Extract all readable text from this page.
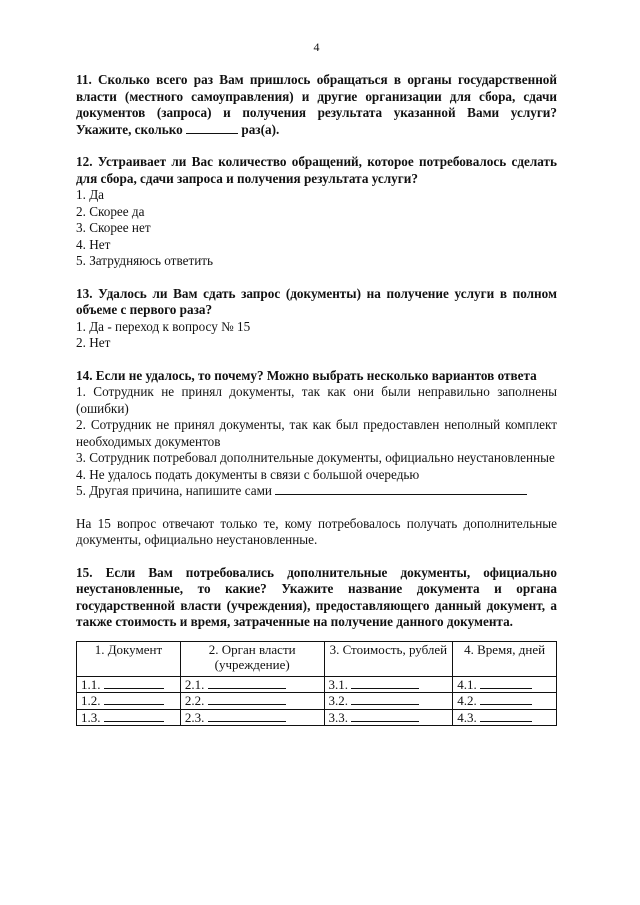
4
11. Сколько всего раз Вам пришлось обращаться в органы государственной власти (местного самоуправления) и другие организации для сбора, сдачи документов (запроса) и получения результата указанной Вами услуги? Укажите, сколько	раз(а).
12. Устраивает ли Вас количество обращений, которое потребовалось сделать для сбора, сдачи запроса и получения результата услуги?
1. Да
2. Скорее да
3. Скорее нет
4. Нет
5. Затрудняюсь ответить
13. Удалось ли Вам сдать запрос (документы) на получение услуги в полном объеме с первого раза?
1. Да - переход к вопросу № 15
2. Нет
14. Если не удалось, то почему? Можно выбрать несколько вариантов ответа
1. Сотрудник не принял документы, так как они были неправильно заполнены (ошибки)
2. Сотрудник не принял документы, так как был предоставлен неполный комплект необходимых документов
3. Сотрудник потребовал дополнительные документы, официально неустановленные
4. Не удалось подать документы в связи с большой очередью
5. Другая причина, напишите сами
На 15 вопрос отвечают только те, кому потребовалось получать дополнительные документы, официально неустановленные.
15. Если Вам потребовались дополнительные документы, официально неустановленные, то какие? Укажите название документа и органа государственной власти (учреждения), предоставляющего данный документ, а также стоимость и время, затраченные на получение данного документа.
1. Документ	2. Орган власти (учреждение)	3. Стоимость, рублей	4. Время, дней
1.1.	2.1.	3.1.	4.1.
1.2.	2.2.	3.2.	4.2.
1.3.	2.3.	3.3.	4.3.
